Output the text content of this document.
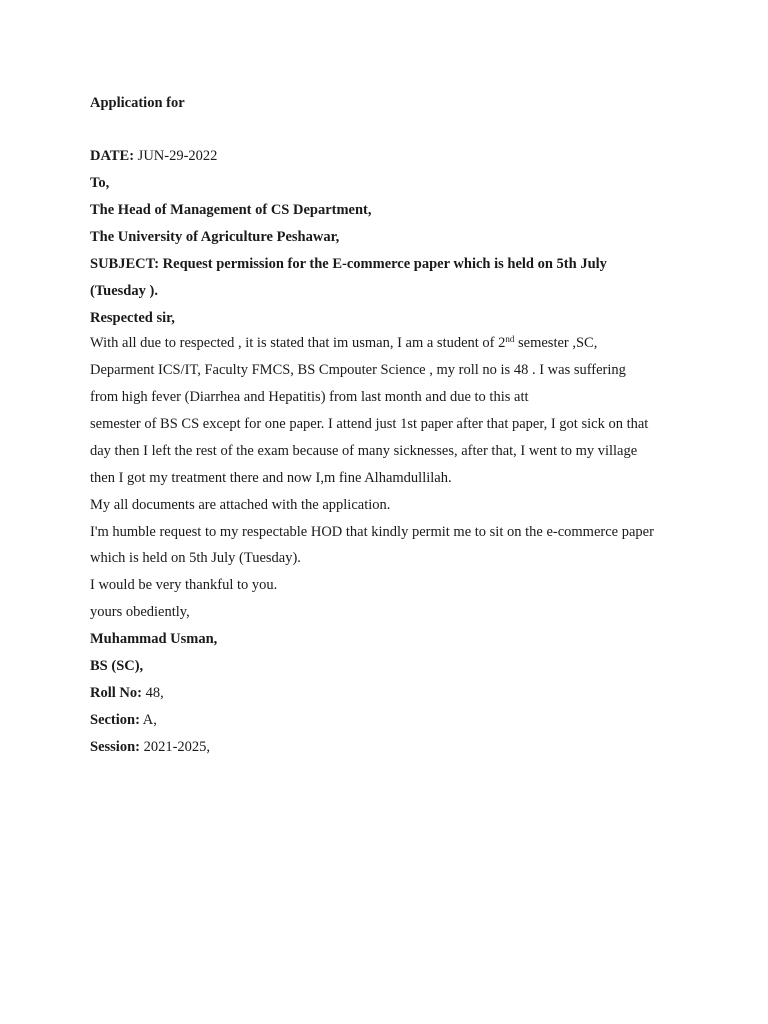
Application for
DATE: JUN-29-2022
To,
The Head of Management of CS Department,
The University of Agriculture Peshawar,
SUBJECT: Request permission for the E-commerce paper which is held on 5th July
(Tuesday ).
Respected sir,
With all due to respected , it is stated that im usman, I am a student of 2nd semester ,SC,
Deparment ICS/IT, Faculty FMCS, BS Cmpouter Science , my roll no is 48 . I was suffering
from high fever (Diarrhea and Hepatitis) from last month and due to this att
semester of BS CS except for one paper. I attend just 1st paper after that paper, I got sick on that
day then I left the rest of the exam because of many sicknesses, after that, I went to my village
then I got my treatment there and now I,m fine Alhamdullilah.
My all documents are attached with the application.
I'm humble request to my respectable HOD that kindly permit me to sit on the e-commerce paper
which is held on 5th July (Tuesday).
I would be very thankful to you.
yours obediently,
Muhammad Usman,
BS (SC),
Roll No: 48,
Section: A,
Session: 2021-2025,
